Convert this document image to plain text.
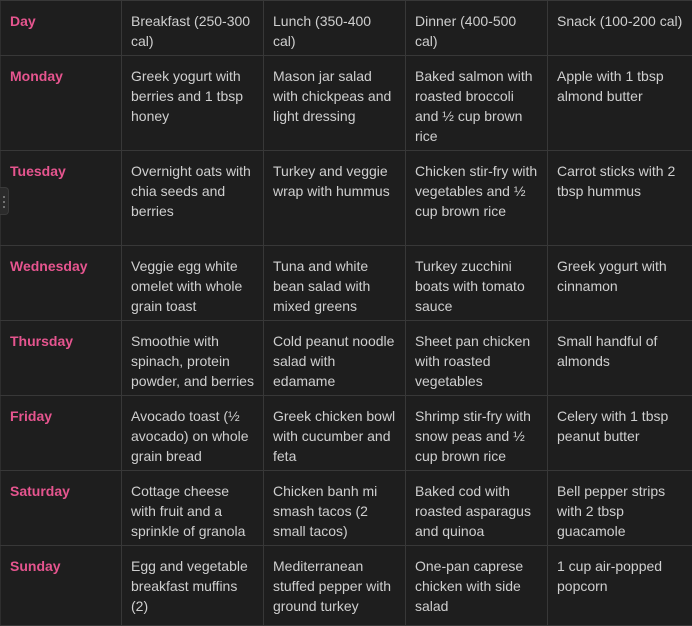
Day	Breakfast (250-300 cal)	Lunch (350-400 cal)	Dinner (400-500 cal)	Snack (100-200 cal)
Monday	Greek yogurt with berries and 1 tbsp honey	Mason jar salad with chickpeas and light dressing	Baked salmon with roasted broccoli and ½ cup brown rice	Apple with 1 tbsp almond butter
Tuesday	Overnight oats with chia seeds and berries	Turkey and veggie wrap with hummus	Chicken stir-fry with vegetables and ½ cup brown rice	Carrot sticks with 2 tbsp hummus
Wednesday	Veggie egg white omelet with whole grain toast	Tuna and white bean salad with mixed greens	Turkey zucchini boats with tomato sauce	Greek yogurt with cinnamon
Thursday	Smoothie with spinach, protein powder, and berries	Cold peanut noodle salad with edamame	Sheet pan chicken with roasted vegetables	Small handful of almonds
Friday	Avocado toast (½ avocado) on whole grain bread	Greek chicken bowl with cucumber and feta	Shrimp stir-fry with snow peas and ½ cup brown rice	Celery with 1 tbsp peanut butter
Saturday	Cottage cheese with fruit and a sprinkle of granola	Chicken banh mi smash tacos (2 small tacos)	Baked cod with roasted asparagus and quinoa	Bell pepper strips with 2 tbsp guacamole
Sunday	Egg and vegetable breakfast muffins (2)	Mediterranean stuffed pepper with ground turkey	One-pan caprese chicken with side salad	1 cup air-popped popcorn
